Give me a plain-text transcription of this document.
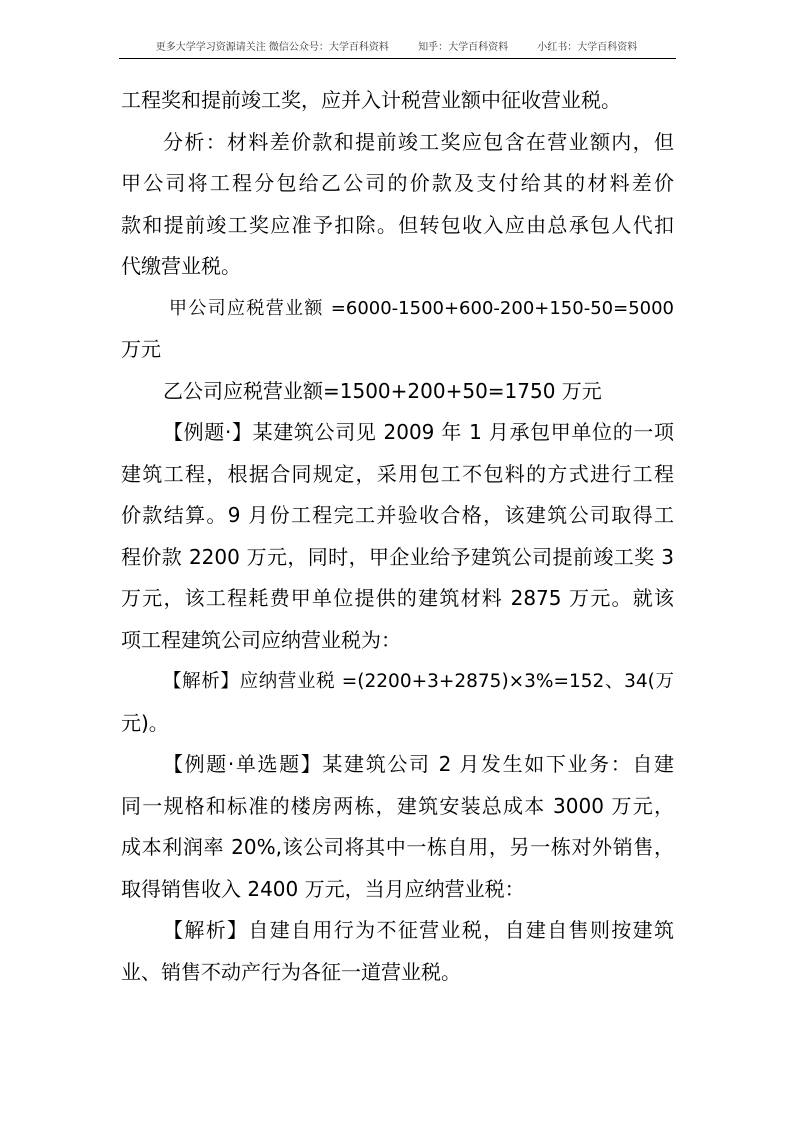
更多大学学习资源请关注 微信公众号：大学百科资料	知乎：大学百科资料	小红书：大学百科资料
工程奖和提前竣工奖，应并入计税营业额中征收营业税。
分析：材料差价款和提前竣工奖应包含在营业额内，但
甲公司将工程分包给乙公司的价款及支付给其的材料差价
款和提前竣工奖应准予扣除。但转包收入应由总承包人代扣
代缴营业税。
甲公司应税营业额 =6000-1500+600-200+150-50=5000
万元
乙公司应税营业额=1500+200+50=1750 万元
【例题·】某建筑公司见 2009 年 1 月承包甲单位的一项
建筑工程，根据合同规定，采用包工不包料的方式进行工程
价款结算。9 月份工程完工并验收合格，该建筑公司取得工
程价款 2200 万元，同时，甲企业给予建筑公司提前竣工奖 3
万元，该工程耗费甲单位提供的建筑材料 2875 万元。就该
项工程建筑公司应纳营业税为：
【解析】应纳营业税 =(2200+3+2875)×3%=152、34(万
元)。
【例题·单选题】某建筑公司 2 月发生如下业务：自建
同一规格和标准的楼房两栋，建筑安装总成本 3000 万元，
成本利润率 20%,该公司将其中一栋自用，另一栋对外销售，
取得销售收入 2400 万元，当月应纳营业税：
【解析】自建自用行为不征营业税，自建自售则按建筑
业、销售不动产行为各征一道营业税。
